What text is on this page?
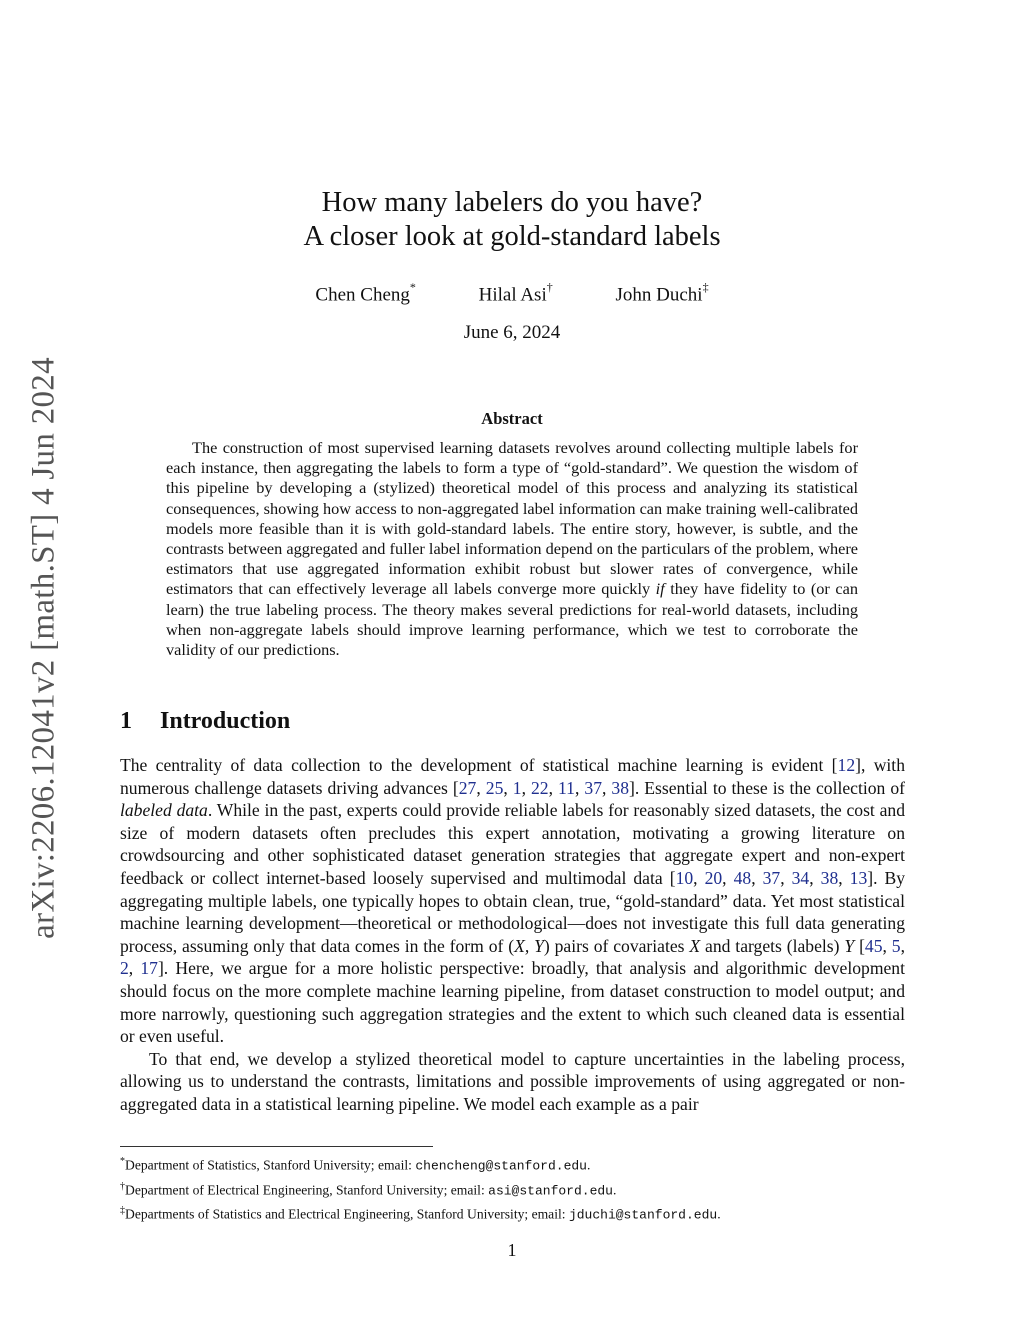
arXiv:2206.12041v2 [math.ST] 4 Jun 2024
How many labelers do you have?
A closer look at gold-standard labels
Chen Cheng*	Hilal Asi†	John Duchi‡
June 6, 2024
Abstract
The construction of most supervised learning datasets revolves around collecting multiple labels for each instance, then aggregating the labels to form a type of “gold-standard”. We question the wisdom of this pipeline by developing a (stylized) theoretical model of this process and analyzing its statistical consequences, showing how access to non-aggregated label information can make training well-calibrated models more feasible than it is with gold-standard labels. The entire story, however, is subtle, and the contrasts between aggregated and fuller label information depend on the particulars of the problem, where estimators that use aggregated information exhibit robust but slower rates of convergence, while estimators that can effectively leverage all labels converge more quickly if they have fidelity to (or can learn) the true labeling process. The theory makes several predictions for real-world datasets, including when non-aggregate labels should improve learning performance, which we test to corroborate the validity of our predictions.
1 Introduction

The centrality of data collection to the development of statistical machine learning is evident [12], with numerous challenge datasets driving advances [27, 25, 1, 22, 11, 37, 38]. Essential to these is the collection of labeled data. While in the past, experts could provide reliable labels for reasonably sized datasets, the cost and size of modern datasets often precludes this expert annotation, motivating a growing literature on crowdsourcing and other sophisticated dataset generation strategies that aggregate expert and non-expert feedback or collect internet-based loosely supervised and multimodal data [10, 20, 48, 37, 34, 38, 13]. By aggregating multiple labels, one typically hopes to obtain clean, true, “gold-standard” data. Yet most statistical machine learning development—theoretical or methodological—does not investigate this full data generating process, assuming only that data comes in the form of (X, Y) pairs of covariates X and targets (labels) Y [45, 5, 2, 17]. Here, we argue for a more holistic perspective: broadly, that analysis and algorithmic development should focus on the more complete machine learning pipeline, from dataset construction to model output; and more narrowly, questioning such aggregation strategies and the extent to which such cleaned data is essential or even useful.

To that end, we develop a stylized theoretical model to capture uncertainties in the labeling process, allowing us to understand the contrasts, limitations and possible improvements of using aggregated or non-aggregated data in a statistical learning pipeline. We model each example as a pair

*Department of Statistics, Stanford University; email: chencheng@stanford.edu.
†Department of Electrical Engineering, Stanford University; email: asi@stanford.edu.
‡Departments of Statistics and Electrical Engineering, Stanford University; email: jduchi@stanford.edu.
1
